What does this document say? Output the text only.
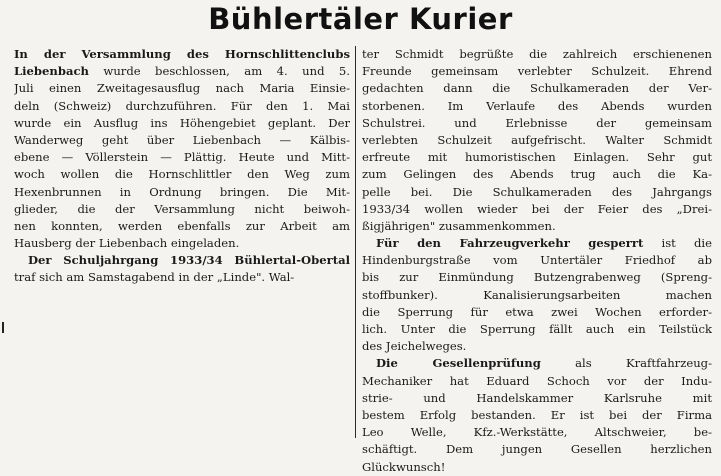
Bühlertäler Kurier
In der Versammlung des Hornschlittenclubs
Liebenbach wurde beschlossen, am 4. und 5.
Juli einen Zweitagesausflug nach Maria Einsie-
deln (Schweiz) durchzuführen. Für den 1. Mai
wurde ein Ausflug ins Höhengebiet geplant. Der
Wanderweg geht über Liebenbach — Kälbis-
ebene — Völlerstein — Plättig. Heute und Mitt-
woch wollen die Hornschlittler den Weg zum
Hexenbrunnen in Ordnung bringen. Die Mit-
glieder, die der Versammlung nicht beiwoh-
nen konnten, werden ebenfalls zur Arbeit am
Hausberg der Liebenbach eingeladen.
Der Schuljahrgang 1933/34 Bühlertal-Obertal
traf sich am Samstagabend in der „Linde". Wal-
ter Schmidt begrüßte die zahlreich erschienenen
Freunde gemeinsam verlebter Schulzeit. Ehrend
gedachten dann die Schulkameraden der Ver-
storbenen. Im Verlaufe des Abends wurden
Schulstrei. und Erlebnisse der gemeinsam
verlebten Schulzeit aufgefrischt. Walter Schmidt
erfreute mit humoristischen Einlagen. Sehr gut
zum Gelingen des Abends trug auch die Ka-
pelle bei. Die Schulkameraden des Jahrgangs
1933/34 wollen wieder bei der Feier des „Drei-
ßigjährigen" zusammenkommen.
Für den Fahrzeugverkehr gesperrt ist die
Hindenburgstraße vom Untertäler Friedhof ab
bis zur Einmündung Butzengrabenweg (Spreng-
stoffbunker). Kanalisierungsarbeiten machen
die Sperrung für etwa zwei Wochen erforder-
lich. Unter die Sperrung fällt auch ein Teilstück
des Jeichelweges.
Die Gesellenprüfung als Kraftfahrzeug-
Mechaniker hat Eduard Schoch vor der Indu-
strie- und Handelskammer Karlsruhe mit
bestem Erfolg bestanden. Er ist bei der Firma
Leo Welle, Kfz.-Werkstätte, Altschweier, be-
schäftigt. Dem jungen Gesellen herzlichen
Glückwunsch!
